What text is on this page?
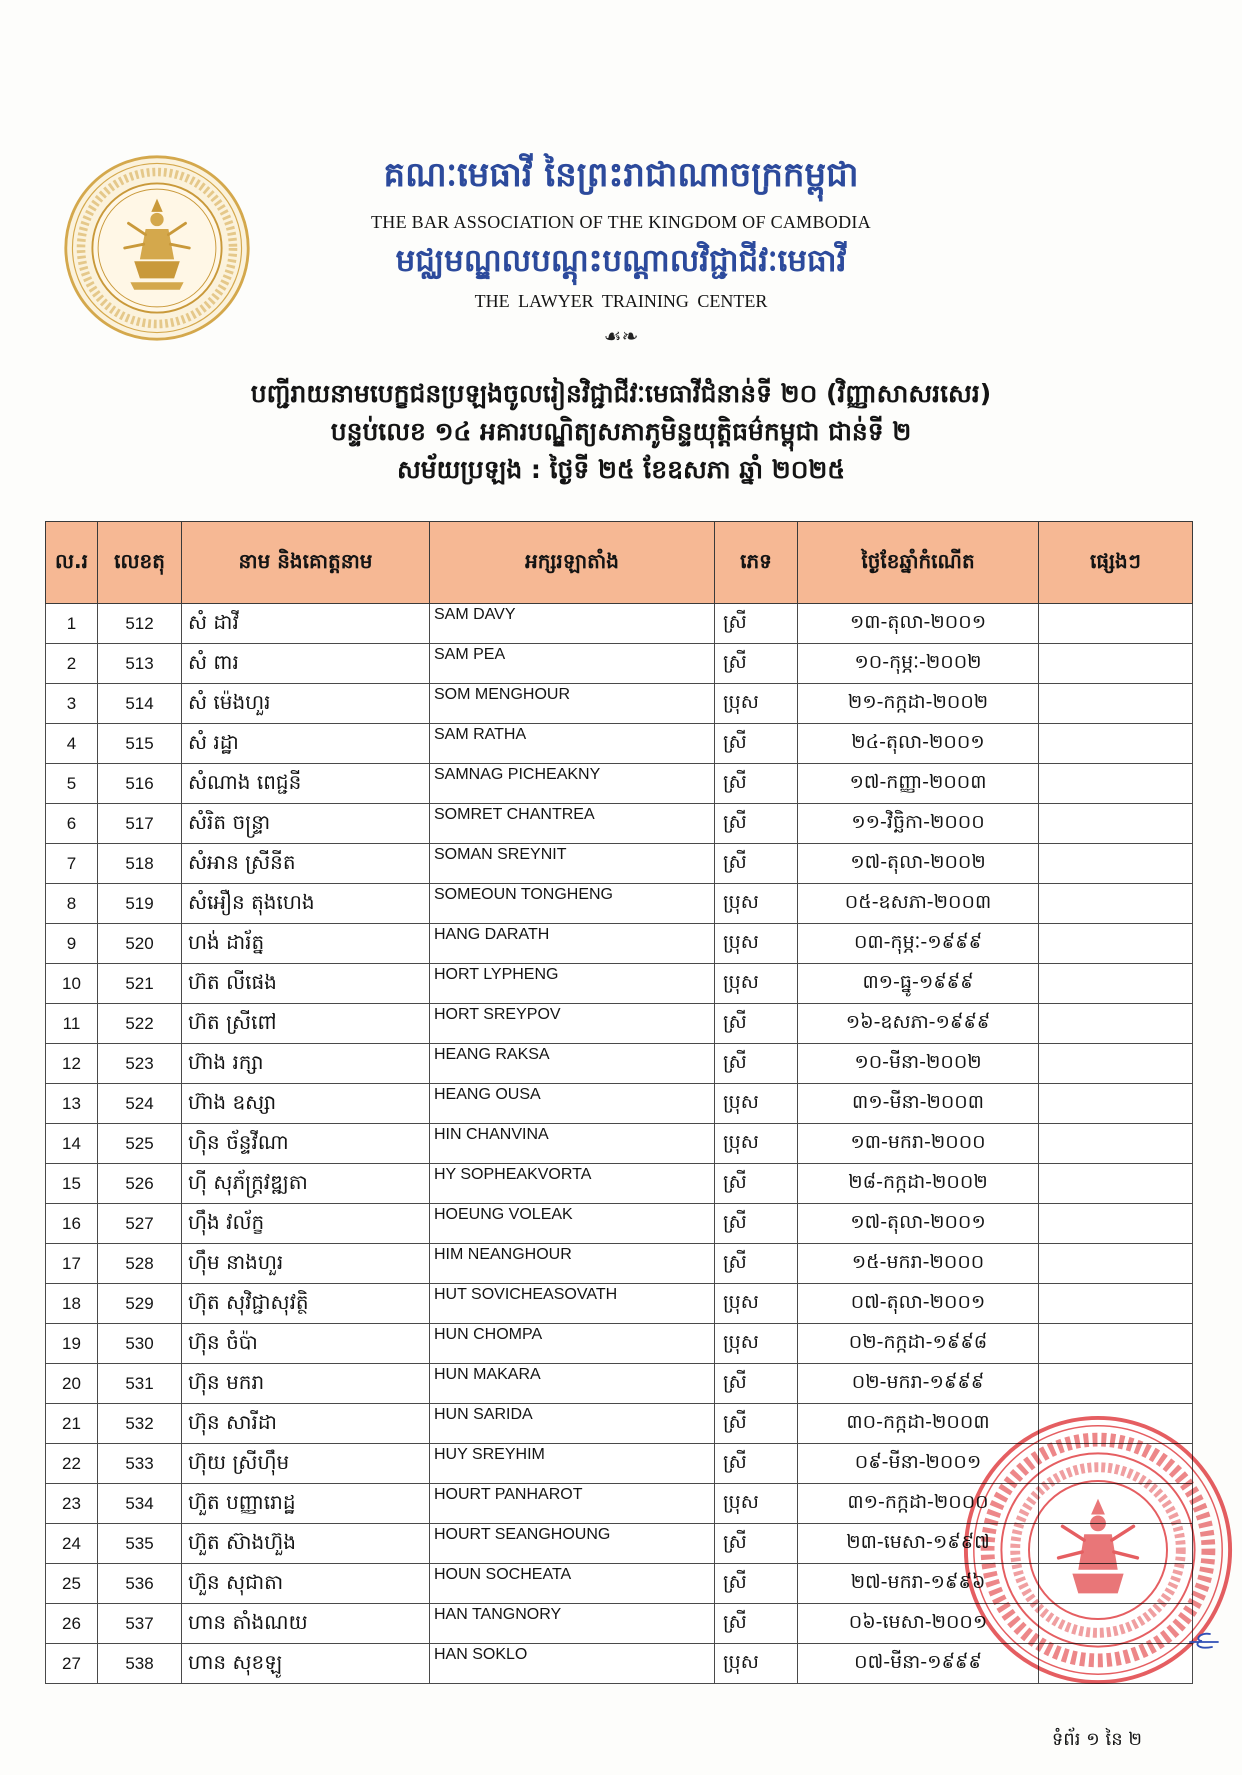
គណៈមេធាវី នៃព្រះរាជាណាចក្រកម្ពុជា
THE BAR ASSOCIATION OF THE KINGDOM OF CAMBODIA
មជ្ឈមណ្ឌលបណ្តុះបណ្តាលវិជ្ជាជីវៈមេធាវី
THE LAWYER TRAINING CENTER
☙❧
បញ្ជីរាយនាមបេក្ខជនប្រឡងចូលរៀនវិជ្ជាជីវៈមេធាវីជំនាន់ទី ២០ (វិញ្ញាសាសរសេរ)
បន្ទប់លេខ ១៤ អគារបណ្ឌិត្យសភាភូមិន្ទយុត្តិធម៌កម្ពុជា ជាន់ទី ២
សម័យប្រឡង : ថ្ងៃទី ២៥ ខែឧសភា ឆ្នាំ ២០២៥
ល.រ	លេខតុ	នាម និងគោត្តនាម	អក្សរឡាតាំង	ភេទ	ថ្ងៃខែឆ្នាំកំណើត	ផ្សេងៗ
1	512	សំ ដាវី	SAM DAVY	ស្រី	១៣-តុលា-២០០១	
2	513	សំ ពារ	SAM PEA	ស្រី	១០-កុម្ភៈ-២០០២	
3	514	សំ ម៉េងហួរ	SOM MENGHOUR	ប្រុស	២១-កក្កដា-២០០២	
4	515	សំ រដ្ឋា	SAM RATHA	ស្រី	២៤-តុលា-២០០១	
5	516	សំណាង ពេជ្ជនី	SAMNAG PICHEAKNY	ស្រី	១៧-កញ្ញា-២០០៣	
6	517	សំរិត ចន្ទ្រា	SOMRET CHANTREA	ស្រី	១១-វិច្ឆិកា-២០០០	
7	518	សំអាន ស្រីនីត	SOMAN SREYNIT	ស្រី	១៧-តុលា-២០០២	
8	519	សំអឿន តុងហេង	SOMEOUN TONGHENG	ប្រុស	០៥-ឧសភា-២០០៣	
9	520	ហង់ ដារ័ត្ន	HANG DARATH	ប្រុស	០៣-កុម្ភៈ-១៩៩៩	
10	521	ហ៊ត លីផេង	HORT LYPHENG	ប្រុស	៣១-ធ្នូ-១៩៩៩	
11	522	ហ៊ត ស្រីពៅ	HORT SREYPOV	ស្រី	១៦-ឧសភា-១៩៩៩	
12	523	ហ៊ាង រក្សា	HEANG RAKSA	ស្រី	១០-មីនា-២០០២	
13	524	ហ៊ាង ឧស្សា	HEANG OUSA	ប្រុស	៣១-មីនា-២០០៣	
14	525	ហ៊ិន ច័ន្ទវីណា	HIN CHANVINA	ប្រុស	១៣-មករា-២០០០	
15	526	ហ៊ី សុភ័ក្ត្រវឌ្ឍតា	HY SOPHEAKVORTA	ស្រី	២៨-កក្កដា-២០០២	
16	527	ហ៊ឹង វល័ក្ខ	HOEUNG VOLEAK	ស្រី	១៧-តុលា-២០០១	
17	528	ហ៊ឹម នាងហួរ	HIM NEANGHOUR	ស្រី	១៥-មករា-២០០០	
18	529	ហ៊ុត សុវិជ្ជាសុវត្ថិ	HUT SOVICHEASOVATH	ប្រុស	០៧-តុលា-២០០១	
19	530	ហ៊ុន ចំប៉ា	HUN CHOMPA	ប្រុស	០២-កក្កដា-១៩៩៨	
20	531	ហ៊ុន មករា	HUN MAKARA	ស្រី	០២-មករា-១៩៩៩	
21	532	ហ៊ុន សារីដា	HUN SARIDA	ស្រី	៣០-កក្កដា-២០០៣	
22	533	ហ៊ុយ ស្រីហ៊ឹម	HUY SREYHIM	ស្រី	០៩-មីនា-២០០១	
23	534	ហ៊ួត បញ្ញារោដ្ឋ	HOURT PANHAROT	ប្រុស	៣១-កក្កដា-២០០០	
24	535	ហ៊ួត ស៊ាងហ៊ួង	HOURT SEANGHOUNG	ស្រី	២៣-មេសា-១៩៩៧	
25	536	ហ៊ួន សុជាតា	HOUN SOCHEATA	ស្រី	២៧-មករា-១៩៩៦	
26	537	ហាន តាំងណយ	HAN TANGNORY	ស្រី	០៦-មេសា-២០០១	
27	538	ហាន សុខឡូ	HAN SOKLO	ប្រុស	០៧-មីនា-១៩៩៩	
ទំព័រ ១ នៃ ២
